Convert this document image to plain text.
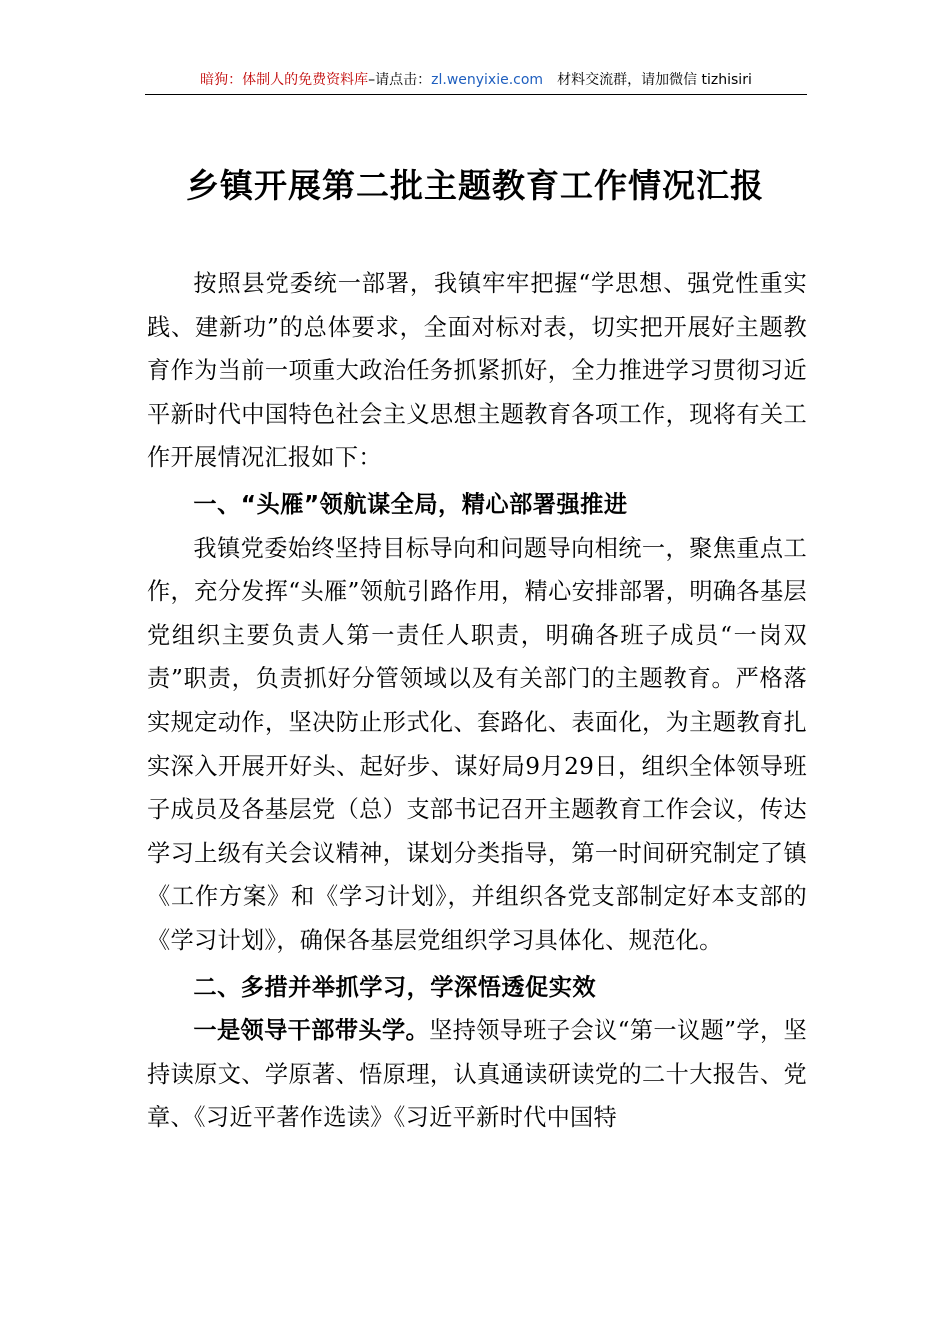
暗狗：体制人的免费资料库–请点击：zl.wenyixie.com 材料交流群，请加微信 tizhisiri
乡镇开展第二批主题教育工作情况汇报

按照县党委统一部署，我镇牢牢把握“学思想、强党性重实践、建新功”的总体要求，全面对标对表，切实把开展好主题教育作为当前一项重大政治任务抓紧抓好，全力推进学习贯彻习近平新时代中国特色社会主义思想主题教育各项工作，现将有关工作开展情况汇报如下：

一、“头雁”领航谋全局，精心部署强推进

我镇党委始终坚持目标导向和问题导向相统一，聚焦重点工作，充分发挥“头雁”领航引路作用，精心安排部署，明确各基层党组织主要负责人第一责任人职责，明确各班子成员“一岗双责”职责，负责抓好分管领域以及有关部门的主题教育。严格落实规定动作，坚决防止形式化、套路化、表面化，为主题教育扎实深入开展开好头、起好步、谋好局9月29日，组织全体领导班子成员及各基层党（总）支部书记召开主题教育工作会议，传达学习上级有关会议精神，谋划分类指导，第一时间研究制定了镇《工作方案》和《学习计划》，并组织各党支部制定好本支部的《学习计划》，确保各基层党组织学习具体化、规范化。

二、多措并举抓学习，学深悟透促实效

一是领导干部带头学。坚持领导班子会议“第一议题”学，坚持读原文、学原著、悟原理，认真通读研读党的二十大报告、党章、《习近平著作选读》《习近平新时代中国特
